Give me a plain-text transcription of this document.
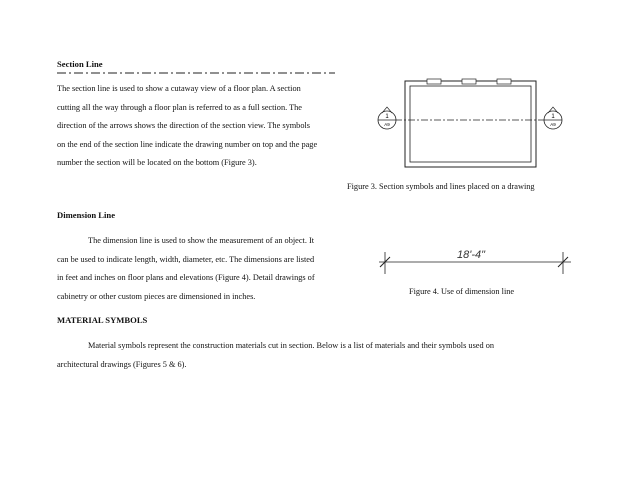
Section Line
The section line is used to show a cutaway view of a floor plan. A section
cutting all the way through a floor plan is referred to as a full section. The
direction of the arrows shows the direction of the section view. The symbols
on the end of the section line indicate the drawing number on top and the page
number the section will be located on the bottom (Figure 3).
1
A9
1
A9
Figure 3. Section symbols and lines placed on a drawing
Dimension Line
The dimension line is used to show the measurement of an object. It
can be used to indicate length, width, diameter, etc. The dimensions are listed
in feet and inches on floor plans and elevations (Figure 4). Detail drawings of
cabinetry or other custom pieces are dimensioned in inches.
18'-4"
Figure 4. Use of dimension line
MATERIAL SYMBOLS
Material symbols represent the construction materials cut in section. Below is a list of materials and their symbols used on
architectural drawings (Figures 5 & 6).
